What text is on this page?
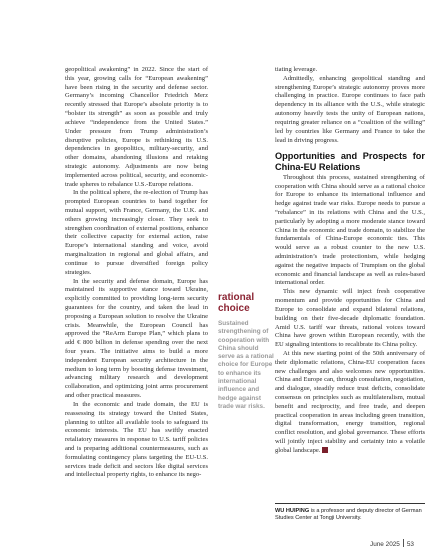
geopolitical awakening” in 2022. Since the start of this year, growing calls for “European awakening” have been rising in the security and defense sector. Germany’s incoming Chancellor Friedrich Merz recently stressed that Europe’s absolute priority is to “bolster its strength” as soon as possible and truly achieve “independence from the United States.” Under pressure from Trump administration’s disruptive policies, Europe is rethinking its U.S. dependencies in geopolitics, military-security, and other domains, abandoning illusions and retaking strategic autonomy. Adjustments are now being implemented across political, security, and economic-trade spheres to rebalance U.S.-Europe relations.

In the political sphere, the re-election of Trump has prompted European countries to band together for mutual support, with France, Germany, the U.K. and others growing increasingly closer. They seek to strengthen coordination of external positions, enhance their collective capacity for external action, raise Europe’s international standing and voice, avoid marginalization in regional and global affairs, and continue to pursue diversified foreign policy strategies.

In the security and defense domain, Europe has maintained its supportive stance toward Ukraine, explicitly committed to providing long-term security guarantees for the country, and taken the lead in proposing a European solution to resolve the Ukraine crisis. Meanwhile, the European Council has approved the “ReArm Europe Plan,” which plans to add € 800 billion in defense spending over the next four years. The initiative aims to build a more independent European security architecture in the medium to long term by boosting defense investment, advancing military research and development collaboration, and optimizing joint arms procurement and other practical measures.

In the economic and trade domain, the EU is reassessing its strategy toward the United States, planning to utilize all available tools to safeguard its economic interests. The EU has swiftly enacted retaliatory measures in response to U.S. tariff policies and is preparing additional countermeasures, such as formulating contingency plans targeting the EU-U.S. services trade deficit and sectors like digital services and intellectual property rights, to enhance its nego-

rational choice

Sustained strengthening of cooperation with China should serve as a rational choice for Europe to enhance its international influence and hedge against trade war risks.

tiating leverage.

Admittedly, enhancing geopolitical standing and strengthening Europe’s strategic autonomy proves more challenging in practice. Europe continues to face path dependency in its alliance with the U.S., while strategic autonomy heavily tests the unity of European nations, requiring greater reliance on a “coalition of the willing” led by countries like Germany and France to take the lead in driving progress.

Opportunities and Prospects for China-EU Relations

Throughout this process, sustained strengthening of cooperation with China should serve as a rational choice for Europe to enhance its international influence and hedge against trade war risks. Europe needs to pursue a “rebalance” in its relations with China and the U.S., particularly by adopting a more moderate stance toward China in the economic and trade domain, to stabilize the fundamentals of China-Europe economic ties. This would serve as a robust counter to the new U.S. administration’s trade protectionism, while hedging against the negative impacts of Trumpism on the global economic and financial landscape as well as rules-based international order.

This new dynamic will inject fresh cooperative momentum and provide opportunities for China and Europe to consolidate and expand bilateral relations, building on their five-decade diplomatic foundation. Amid U.S. tariff war threats, rational voices toward China have grown within European recently, with the EU signaling intentions to recalibrate its China policy.

At this new starting point of the 50th anniversary of their diplomatic relations, China-EU cooperation faces new challenges and also welcomes new opportunities. China and Europe can, through consultation, negotiation, and dialogue, steadily reduce trust deficits, consolidate consensus on principles such as multilateralism, mutual benefit and reciprocity, and free trade, and deepen practical cooperation in areas including green transition, digital transformation, energy transition, regional conflict resolution, and global governance. These efforts will jointly inject stability and certainty into a volatile global landscape.

WU HUIPING is a professor and deputy director of German Studies Center at Tongji University.
June 2025 53
